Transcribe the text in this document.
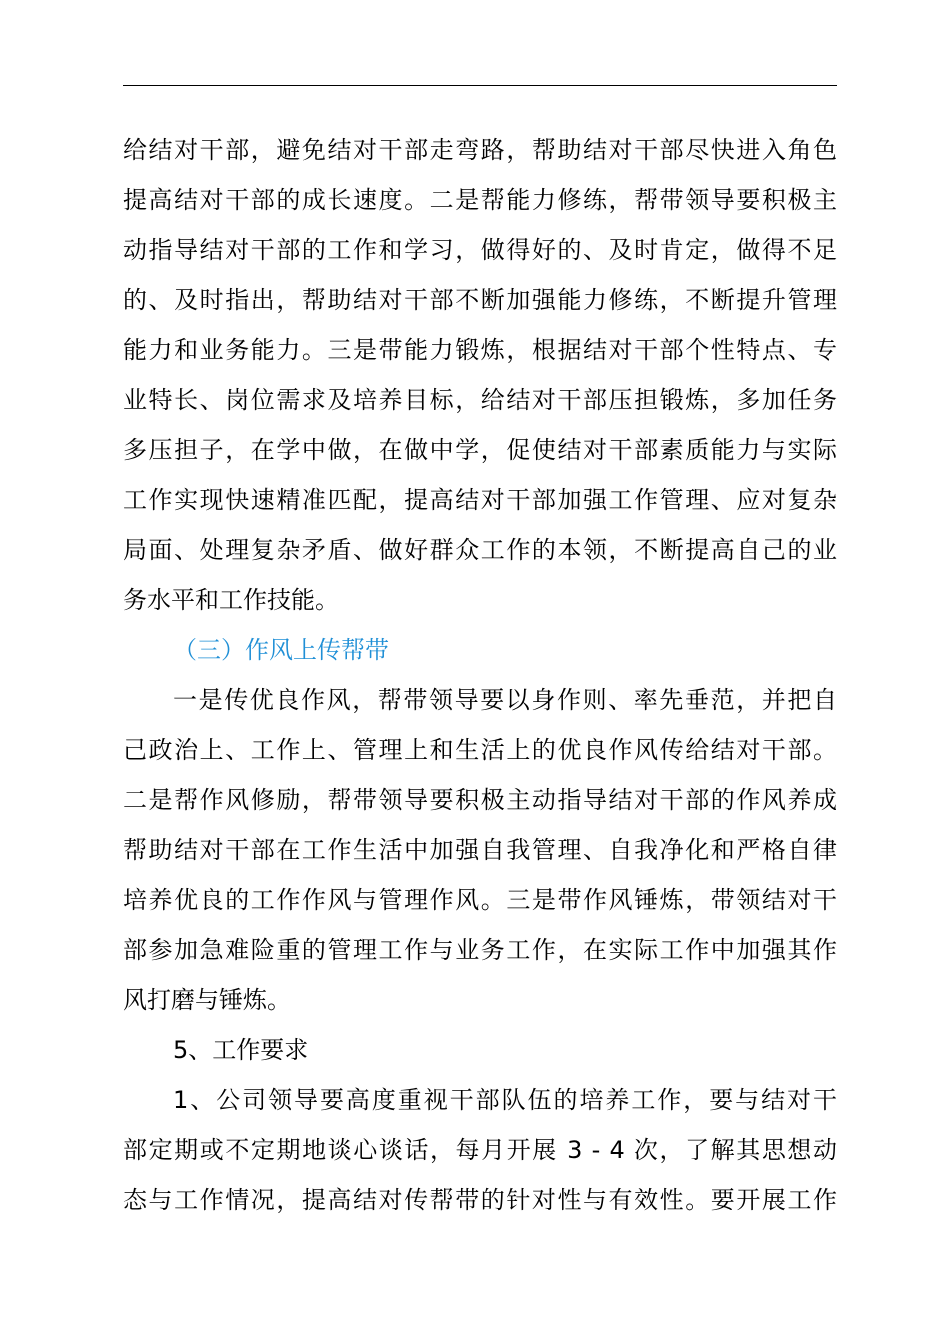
给结对干部，避免结对干部走弯路，帮助结对干部尽快进入角色
提高结对干部的成长速度。二是帮能力修练，帮带领导要积极主
动指导结对干部的工作和学习，做得好的、及时肯定，做得不足
的、及时指出，帮助结对干部不断加强能力修练，不断提升管理
能力和业务能力。三是带能力锻炼，根据结对干部个性特点、专
业特长、岗位需求及培养目标，给结对干部压担锻炼，多加任务
多压担子，在学中做，在做中学，促使结对干部素质能力与实际
工作实现快速精准匹配，提高结对干部加强工作管理、应对复杂
局面、处理复杂矛盾、做好群众工作的本领，不断提高自己的业
务水平和工作技能。
（三）作风上传帮带
一是传优良作风，帮带领导要以身作则、率先垂范，并把自
己政治上、工作上、管理上和生活上的优良作风传给结对干部。
二是帮作风修励，帮带领导要积极主动指导结对干部的作风养成
帮助结对干部在工作生活中加强自我管理、自我净化和严格自律
培养优良的工作作风与管理作风。三是带作风锤炼，带领结对干
部参加急难险重的管理工作与业务工作，在实际工作中加强其作
风打磨与锤炼。
5、工作要求
1、公司领导要高度重视干部队伍的培养工作，要与结对干
部定期或不定期地谈心谈话，每月开展 3 - 4 次，了解其思想动
态与工作情况，提高结对传帮带的针对性与有效性。要开展工作
